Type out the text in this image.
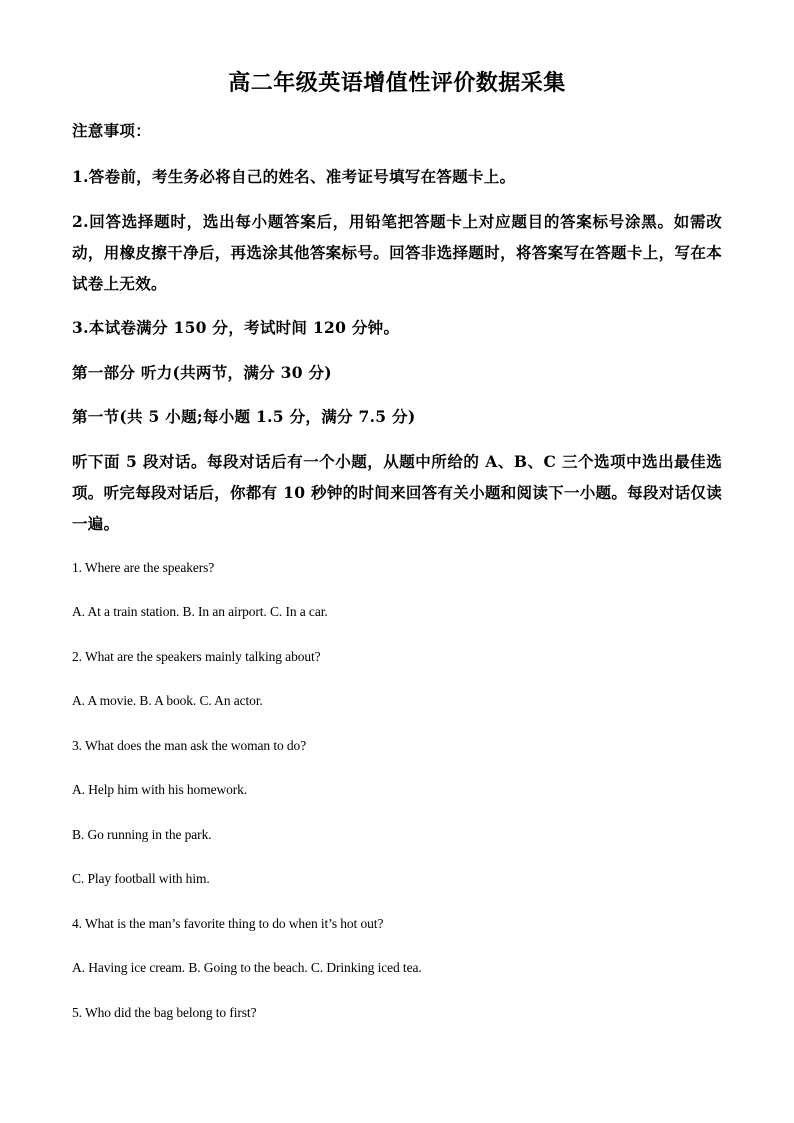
高二年级英语增值性评价数据采集
注意事项：
1.答卷前，考生务必将自己的姓名、准考证号填写在答题卡上。
2.回答选择题时，选出每小题答案后，用铅笔把答题卡上对应题目的答案标号涂黑。如需改动，用橡皮擦干净后，再选涂其他答案标号。回答非选择题时，将答案写在答题卡上，写在本试卷上无效。
3.本试卷满分 150 分，考试时间 120 分钟。
第一部分 听力(共两节，满分 30 分)
第一节(共 5 小题;每小题 1.5 分，满分 7.5 分)
听下面 5 段对话。每段对话后有一个小题，从题中所给的 A、B、C 三个选项中选出最佳选项。听完每段对话后，你都有 10 秒钟的时间来回答有关小题和阅读下一小题。每段对话仅读一遍。
1. Where are the speakers?
A. At a train station. B. In an airport. C. In a car.
2. What are the speakers mainly talking about?
A. A movie. B. A book. C. An actor.
3. What does the man ask the woman to do?
A. Help him with his homework.
B. Go running in the park.
C. Play football with him.
4. What is the man’s favorite thing to do when it’s hot out?
A. Having ice cream. B. Going to the beach. C. Drinking iced tea.
5. Who did the bag belong to first?
